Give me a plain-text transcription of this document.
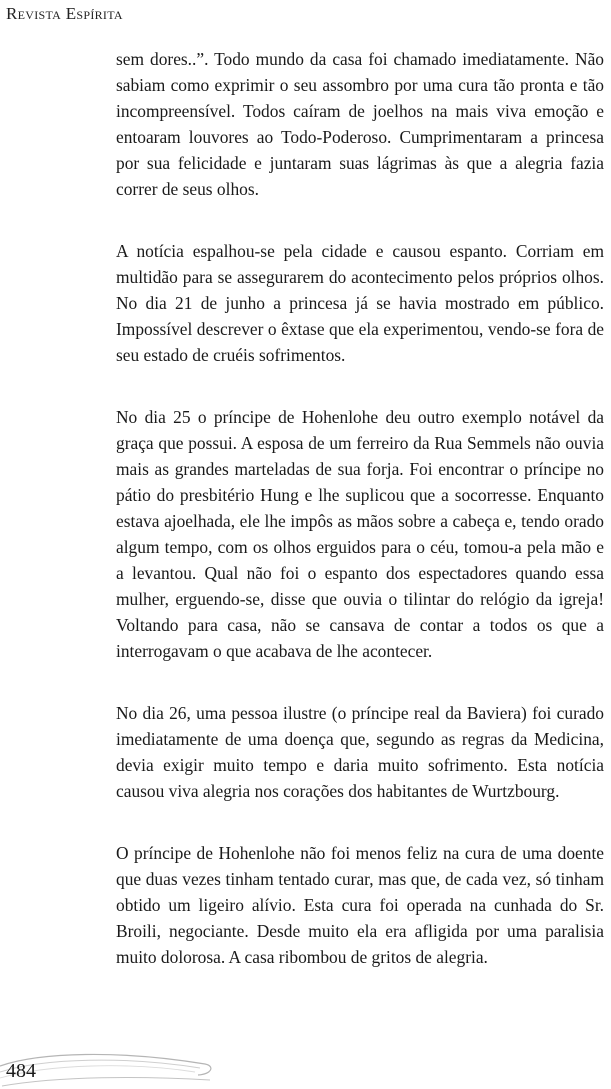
Revista Espírita

sem dores..”. Todo mundo da casa foi chamado imediatamente. Não sabiam como exprimir o seu assombro por uma cura tão pronta e tão incompreensível. Todos caíram de joelhos na mais viva emoção e entoaram louvores ao Todo-Poderoso. Cumprimentaram a princesa por sua felicidade e juntaram suas lágrimas às que a alegria fazia correr de seus olhos.

A notícia espalhou-se pela cidade e causou espanto. Corriam em multidão para se assegurarem do acontecimento pelos próprios olhos. No dia 21 de junho a princesa já se havia mostrado em público. Impossível descrever o êxtase que ela experimentou, vendo-se fora de seu estado de cruéis sofrimentos.

No dia 25 o príncipe de Hohenlohe deu outro exemplo notável da graça que possui. A esposa de um ferreiro da Rua Semmels não ouvia mais as grandes marteladas de sua forja. Foi encontrar o príncipe no pátio do presbitério Hung e lhe suplicou que a socorresse. Enquanto estava ajoelhada, ele lhe impôs as mãos sobre a cabeça e, tendo orado algum tempo, com os olhos erguidos para o céu, tomou-a pela mão e a levantou. Qual não foi o espanto dos espectadores quando essa mulher, erguendo-se, disse que ouvia o tilintar do relógio da igreja! Voltando para casa, não se cansava de contar a todos os que a interrogavam o que acabava de lhe acontecer.

No dia 26, uma pessoa ilustre (o príncipe real da Baviera) foi curado imediatamente de uma doença que, segundo as regras da Medicina, devia exigir muito tempo e daria muito sofrimento. Esta notícia causou viva alegria nos corações dos habitantes de Wurtzbourg.

O príncipe de Hohenlohe não foi menos feliz na cura de uma doente que duas vezes tinham tentado curar, mas que, de cada vez, só tinham obtido um ligeiro alívio. Esta cura foi operada na cunhada do Sr. Broili, negociante. Desde muito ela era afligida por uma paralisia muito dolorosa. A casa ribombou de gritos de alegria.

484
